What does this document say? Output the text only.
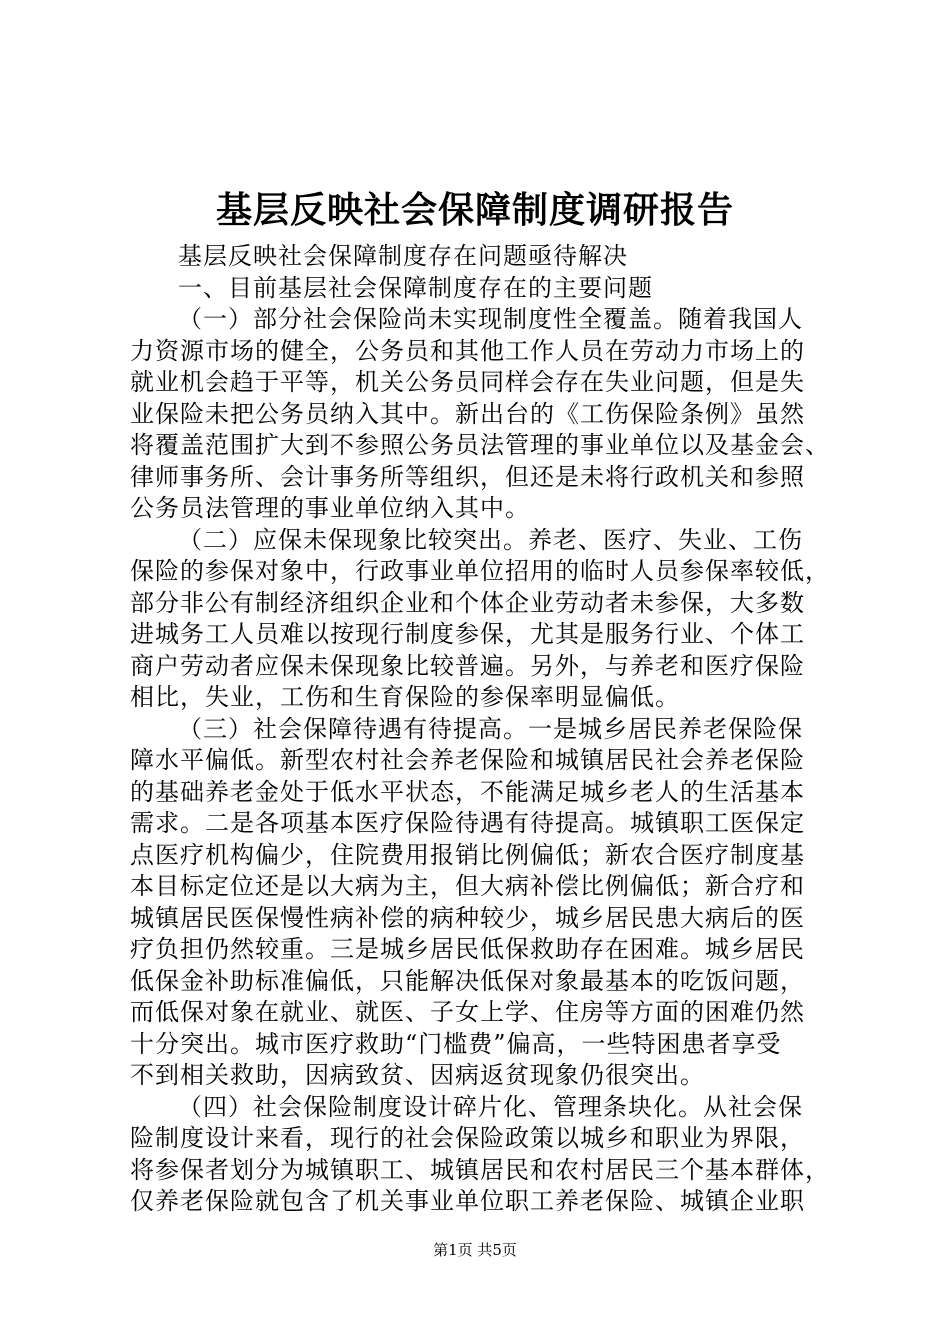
基层反映社会保障制度调研报告
基层反映社会保障制度存在问题亟待解决
一、目前基层社会保障制度存在的主要问题
（一）部分社会保险尚未实现制度性全覆盖。随着我国人
力资源市场的健全，公务员和其他工作人员在劳动力市场上的
就业机会趋于平等，机关公务员同样会存在失业问题，但是失
业保险未把公务员纳入其中。新出台的《工伤保险条例》虽然
将覆盖范围扩大到不参照公务员法管理的事业单位以及基金会、
律师事务所、会计事务所等组织，但还是未将行政机关和参照
公务员法管理的事业单位纳入其中。
（二）应保未保现象比较突出。养老、医疗、失业、工伤
保险的参保对象中，行政事业单位招用的临时人员参保率较低，
部分非公有制经济组织企业和个体企业劳动者未参保，大多数
进城务工人员难以按现行制度参保，尤其是服务行业、个体工
商户劳动者应保未保现象比较普遍。另外，与养老和医疗保险
相比，失业，工伤和生育保险的参保率明显偏低。
（三）社会保障待遇有待提高。一是城乡居民养老保险保
障水平偏低。新型农村社会养老保险和城镇居民社会养老保险
的基础养老金处于低水平状态，不能满足城乡老人的生活基本
需求。二是各项基本医疗保险待遇有待提高。城镇职工医保定
点医疗机构偏少，住院费用报销比例偏低；新农合医疗制度基
本目标定位还是以大病为主，但大病补偿比例偏低；新合疗和
城镇居民医保慢性病补偿的病种较少，城乡居民患大病后的医
疗负担仍然较重。三是城乡居民低保救助存在困难。城乡居民
低保金补助标准偏低，只能解决低保对象最基本的吃饭问题，
而低保对象在就业、就医、子女上学、住房等方面的困难仍然
十分突出。城市医疗救助“门槛费”偏高，一些特困患者享受
不到相关救助，因病致贫、因病返贫现象仍很突出。
（四）社会保险制度设计碎片化、管理条块化。从社会保
险制度设计来看，现行的社会保险政策以城乡和职业为界限，
将参保者划分为城镇职工、城镇居民和农村居民三个基本群体，
仅养老保险就包含了机关事业单位职工养老保险、城镇企业职
第1页 共5页
